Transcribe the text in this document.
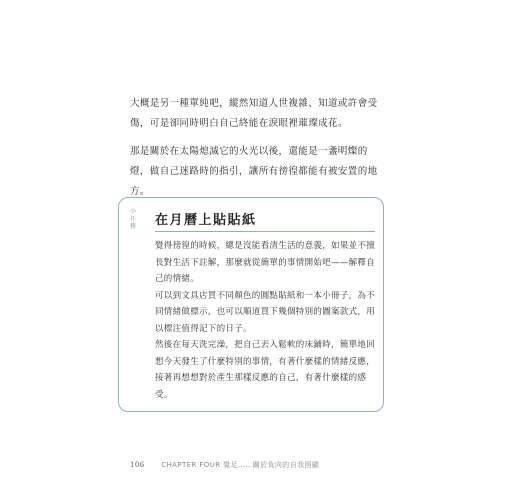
大概是另一種單純吧，縱然知道人世複雜、知道或許會受傷，可是卻同時明白自己終能在淚眼裡璀璨成花。

那是關於在太陽熄滅它的火光以後，還能是一盞明燦的燈，做自己迷路時的指引，讓所有徬徨都能有被安置的地方。

小任務 在月曆上貼貼紙

覺得徬徨的時候，總是沒能看清生活的意義，如果並不擅長對生活下註解，那麼就從簡單的事情開始吧——解釋自己的情緒。

可以到文具店買不同顏色的圓點貼紙和一本小冊子，為不同情緒做標示，也可以順道買下幾個特別的圖案款式，用以標注值得記下的日子。

然後在每天洗完澡，把自己丟入鬆軟的床鋪時，簡單地回想今天發生了什麼特別的事情，有著什麼樣的情緒反應，接著再想想對於產生那樣反應的自己，有著什麼樣的感受。

106 CHAPTER FOUR 覺足……關於負向的自我照顧
